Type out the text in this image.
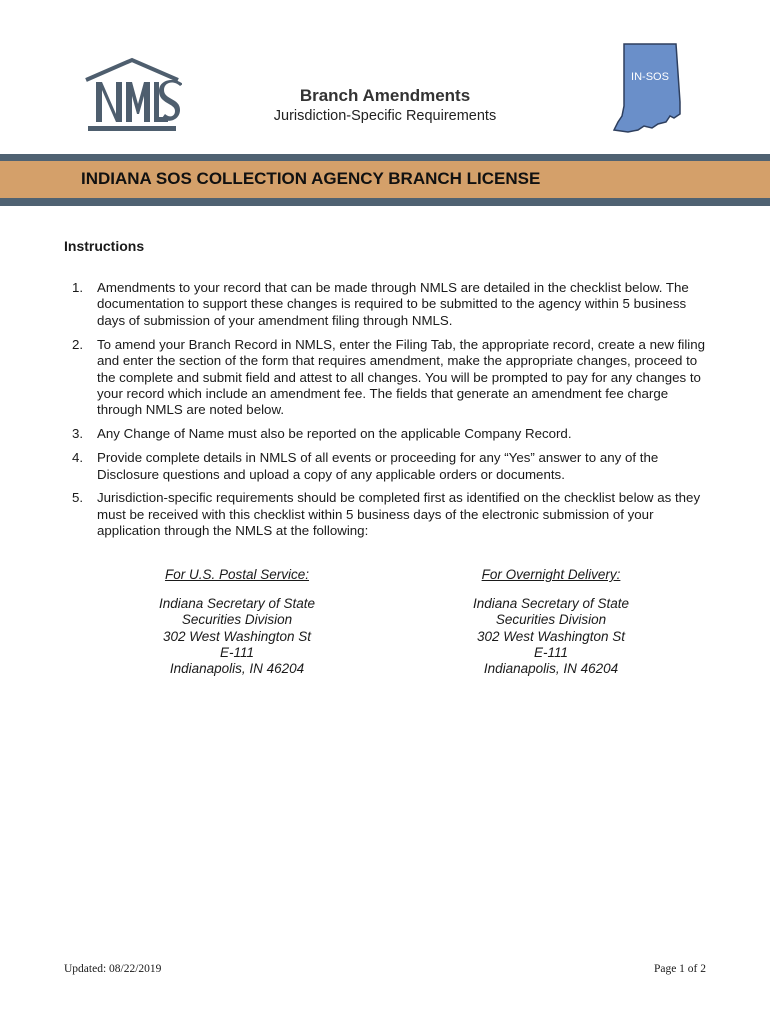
Branch Amendments
Jurisdiction-Specific Requirements
IN-SOS
INDIANA SOS COLLECTION AGENCY BRANCH LICENSE
Instructions
1. Amendments to your record that can be made through NMLS are detailed in the checklist below. The documentation to support these changes is required to be submitted to the agency within 5 business days of submission of your amendment filing through NMLS.
2. To amend your Branch Record in NMLS, enter the Filing Tab, the appropriate record, create a new filing and enter the section of the form that requires amendment, make the appropriate changes, proceed to the complete and submit field and attest to all changes. You will be prompted to pay for any changes to your record which include an amendment fee. The fields that generate an amendment fee charge through NMLS are noted below.
3. Any Change of Name must also be reported on the applicable Company Record.
4. Provide complete details in NMLS of all events or proceeding for any “Yes” answer to any of the Disclosure questions and upload a copy of any applicable orders or documents.
5. Jurisdiction-specific requirements should be completed first as identified on the checklist below as they must be received with this checklist within 5 business days of the electronic submission of your application through the NMLS at the following:
For U.S. Postal Service:
Indiana Secretary of State
Securities Division
302 West Washington St
E-111
Indianapolis, IN 46204
For Overnight Delivery:
Indiana Secretary of State
Securities Division
302 West Washington St
E-111
Indianapolis, IN 46204
Updated: 08/22/2019	Page 1 of 2
